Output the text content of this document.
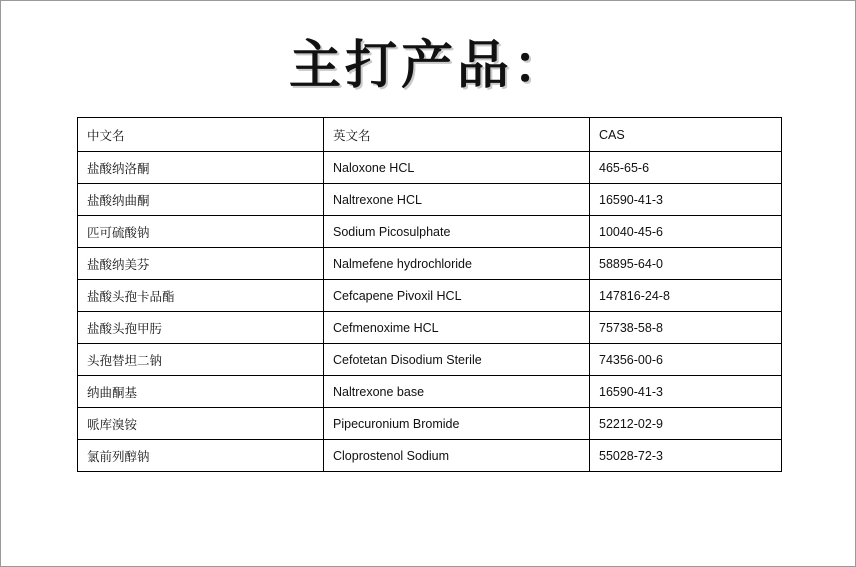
主打产品：
中文名	英文名	CAS
盐酸纳洛酮	Naloxone HCL	465-65-6
盐酸纳曲酮	Naltrexone HCL	16590-41-3
匹可硫酸钠	Sodium Picosulphate	10040-45-6
盐酸纳美芬	Nalmefene hydrochloride	58895-64-0
盐酸头孢卡品酯	Cefcapene Pivoxil HCL	147816-24-8
盐酸头孢甲肟	Cefmenoxime HCL	75738-58-8
头孢替坦二钠	Cefotetan Disodium Sterile	74356-00-6
纳曲酮基	Naltrexone base	16590-41-3
哌库溴铵	Pipecuronium Bromide	52212-02-9
氯前列醇钠	Cloprostenol Sodium	55028-72-3
